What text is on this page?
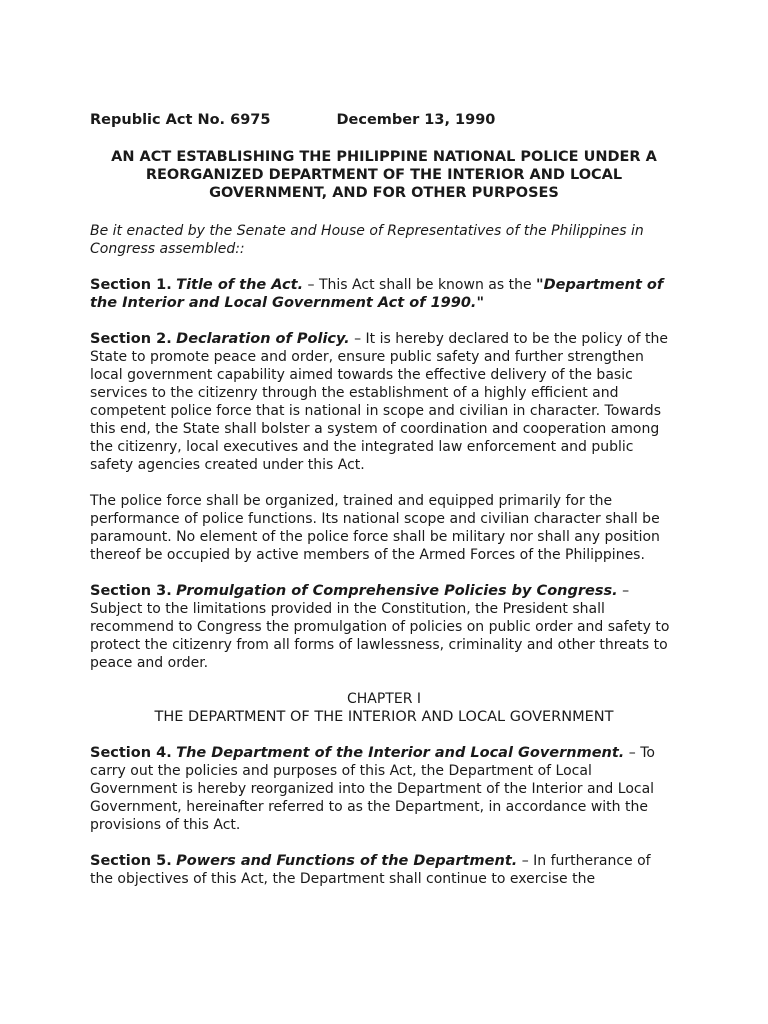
Republic Act No. 6975	December 13, 1990

AN ACT ESTABLISHING THE PHILIPPINE NATIONAL POLICE UNDER A REORGANIZED DEPARTMENT OF THE INTERIOR AND LOCAL GOVERNMENT, AND FOR OTHER PURPOSES

Be it enacted by the Senate and House of Representatives of the Philippines in Congress assembled::

Section 1. Title of the Act. – This Act shall be known as the "Department of the Interior and Local Government Act of 1990."

Section 2. Declaration of Policy. – It is hereby declared to be the policy of the State to promote peace and order, ensure public safety and further strengthen local government capability aimed towards the effective delivery of the basic services to the citizenry through the establishment of a highly efficient and competent police force that is national in scope and civilian in character. Towards this end, the State shall bolster a system of coordination and cooperation among the citizenry, local executives and the integrated law enforcement and public safety agencies created under this Act.

The police force shall be organized, trained and equipped primarily for the performance of police functions. Its national scope and civilian character shall be paramount. No element of the police force shall be military nor shall any position thereof be occupied by active members of the Armed Forces of the Philippines.

Section 3. Promulgation of Comprehensive Policies by Congress. – Subject to the limitations provided in the Constitution, the President shall recommend to Congress the promulgation of policies on public order and safety to protect the citizenry from all forms of lawlessness, criminality and other threats to peace and order.

CHAPTER I
THE DEPARTMENT OF THE INTERIOR AND LOCAL GOVERNMENT

Section 4. The Department of the Interior and Local Government. – To carry out the policies and purposes of this Act, the Department of Local Government is hereby reorganized into the Department of the Interior and Local Government, hereinafter referred to as the Department, in accordance with the provisions of this Act.

Section 5. Powers and Functions of the Department. – In furtherance of the objectives of this Act, the Department shall continue to exercise the
